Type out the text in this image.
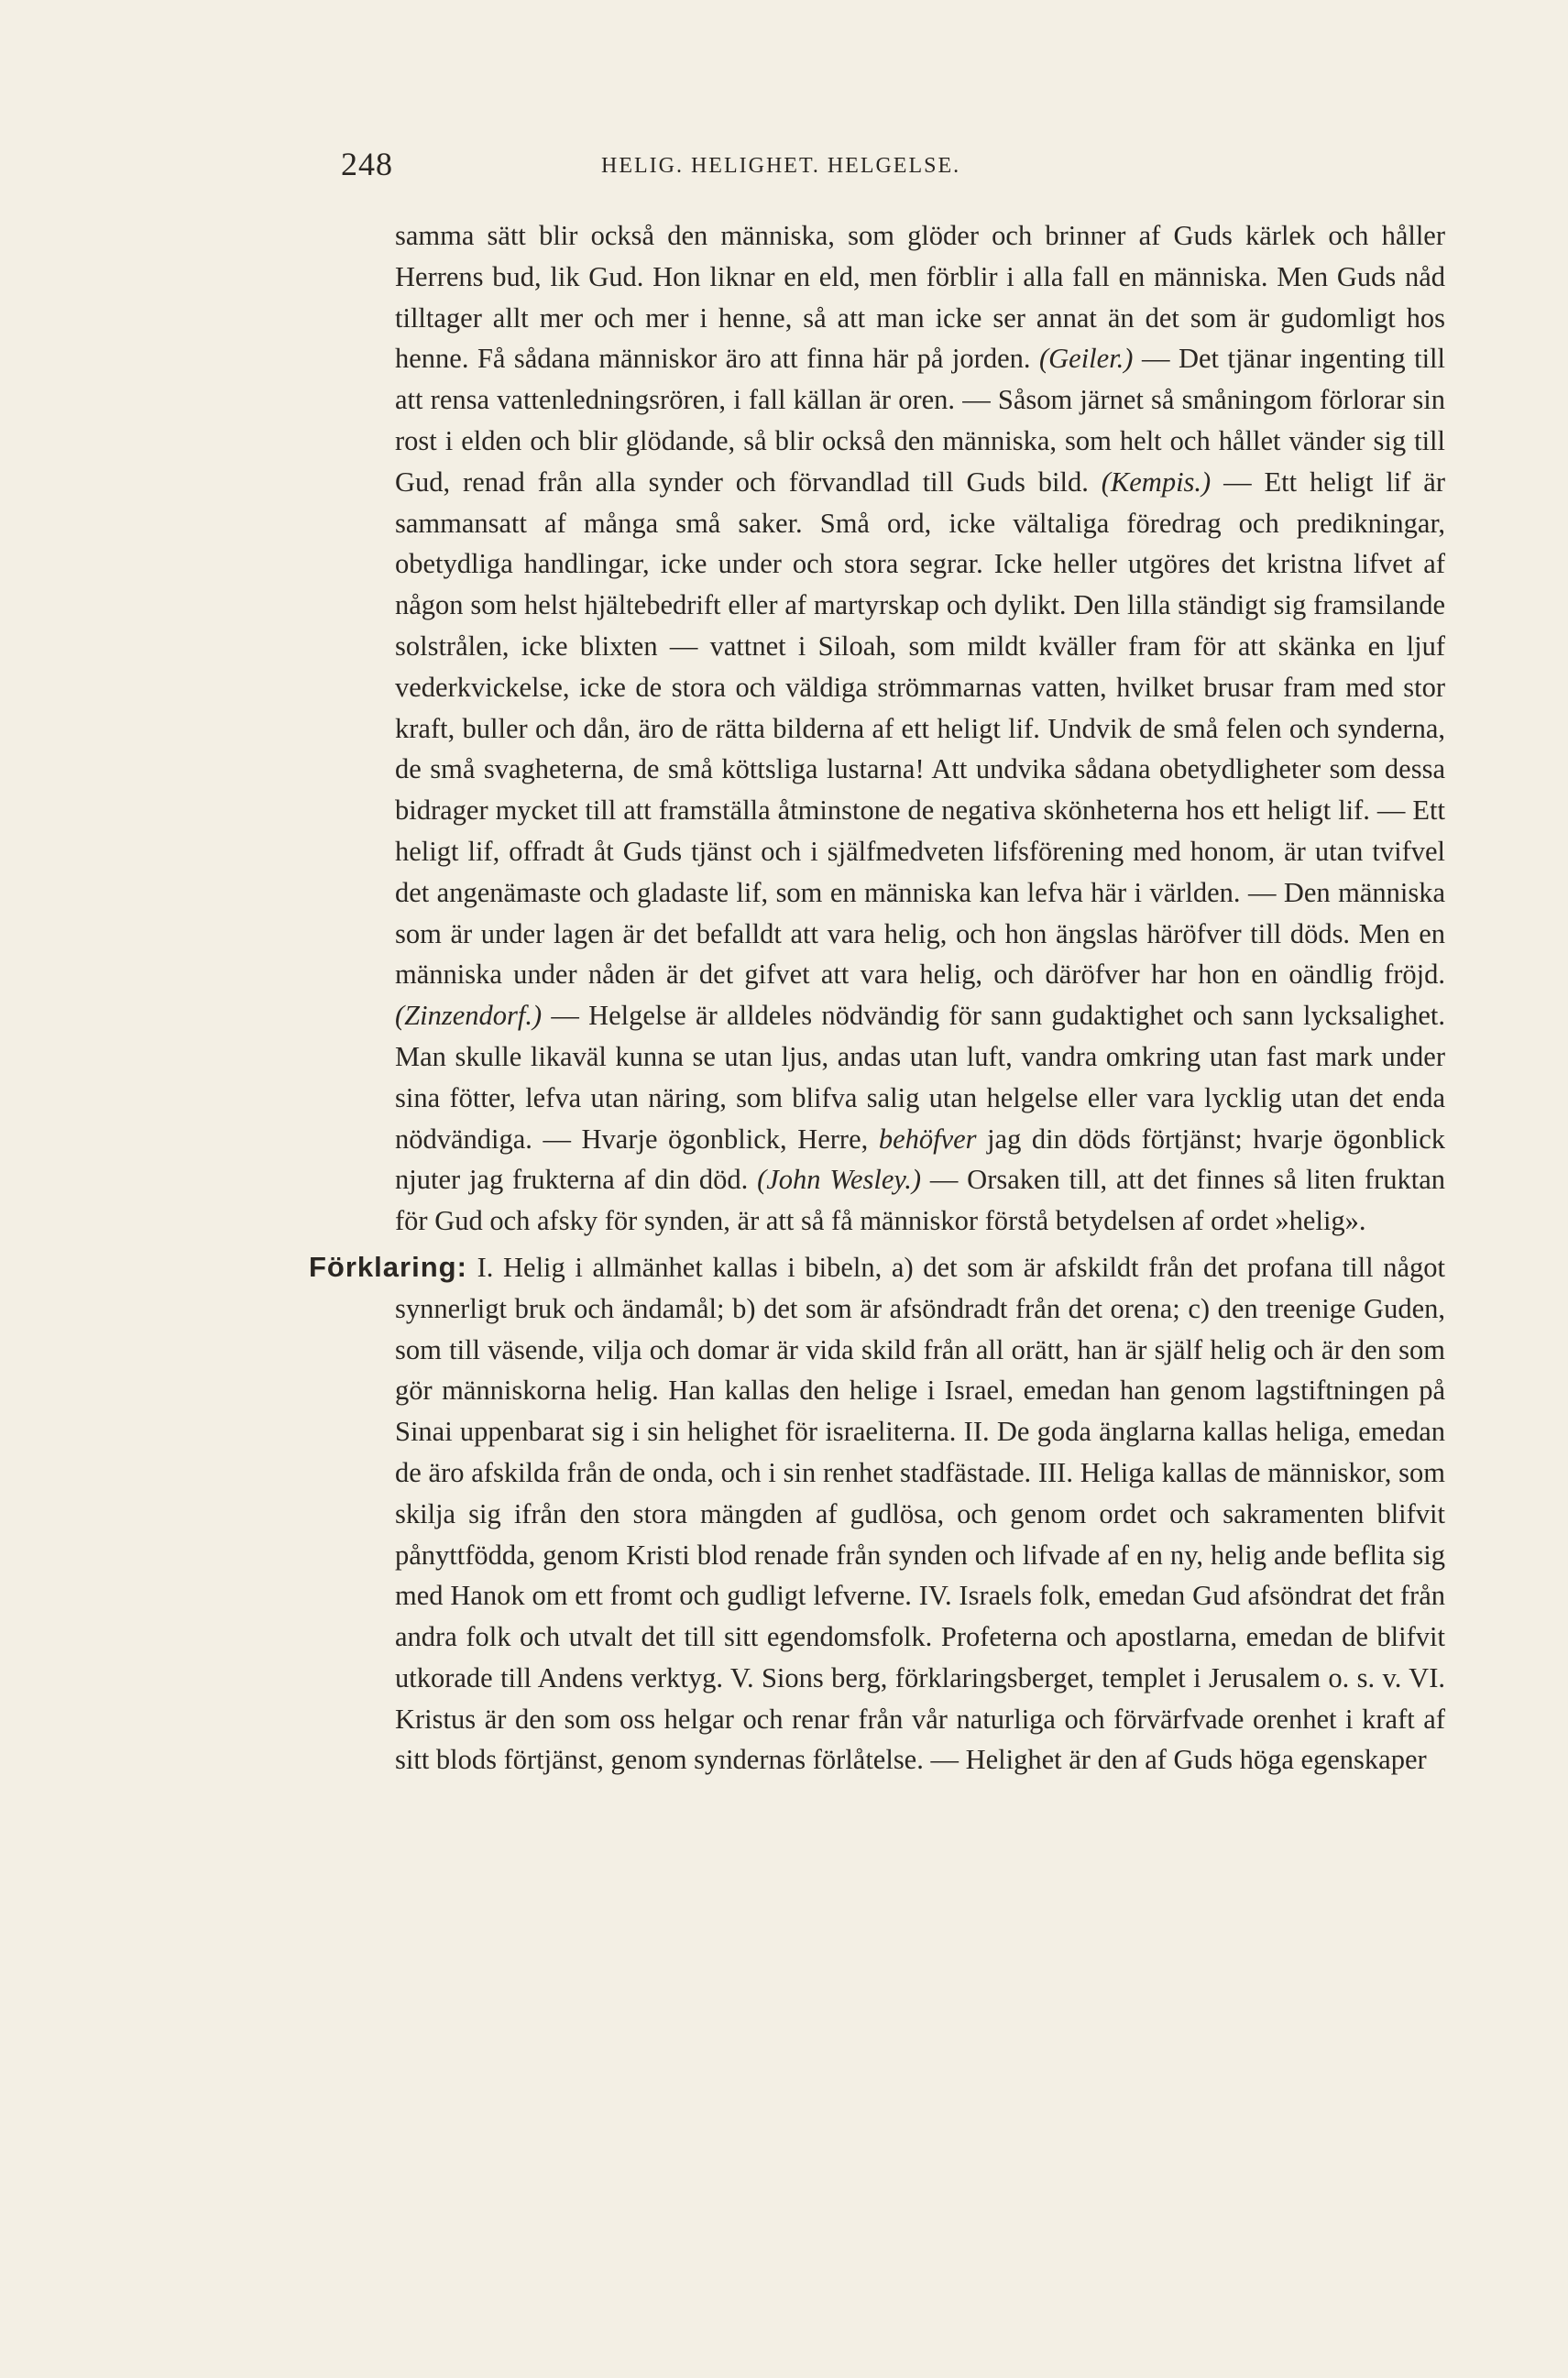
248	HELIG. HELIGHET. HELGELSE.

samma sätt blir också den människa, som glöder och brinner af Guds kärlek och håller Herrens bud, lik Gud. Hon liknar en eld, men förblir i alla fall en människa. Men Guds nåd tilltager allt mer och mer i henne, så att man icke ser annat än det som är gudomligt hos henne. Få sådana människor äro att finna här på jorden. (Geiler.) — Det tjänar ingenting till att rensa vattenledningsrören, i fall källan är oren. — Såsom järnet så småningom förlorar sin rost i elden och blir glödande, så blir också den människa, som helt och hållet vänder sig till Gud, renad från alla synder och förvandlad till Guds bild. (Kempis.) — Ett heligt lif är sammansatt af många små saker. Små ord, icke vältaliga föredrag och predikningar, obetydliga handlingar, icke under och stora segrar. Icke heller utgöres det kristna lifvet af någon som helst hjältebedrift eller af martyrskap och dylikt. Den lilla ständigt sig framsilande solstrålen, icke blixten — vattnet i Siloah, som mildt kväller fram för att skänka en ljuf vederkvickelse, icke de stora och väldiga strömmarnas vatten, hvilket brusar fram med stor kraft, buller och dån, äro de rätta bilderna af ett heligt lif. Undvik de små felen och synderna, de små svagheterna, de små köttsliga lustarna! Att undvika sådana obetydligheter som dessa bidrager mycket till att framställa åtminstone de negativa skönheterna hos ett heligt lif. — Ett heligt lif, offradt åt Guds tjänst och i själfmedveten lifsförening med honom, är utan tvifvel det angenämaste och gladaste lif, som en människa kan lefva här i världen. — Den människa som är under lagen är det befalldt att vara helig, och hon ängslas häröfver till döds. Men en människa under nåden är det gifvet att vara helig, och däröfver har hon en oändlig fröjd. (Zinzendorf.) — Helgelse är alldeles nödvändig för sann gudaktighet och sann lycksalighet. Man skulle likaväl kunna se utan ljus, andas utan luft, vandra omkring utan fast mark under sina fötter, lefva utan näring, som blifva salig utan helgelse eller vara lycklig utan det enda nödvändiga. — Hvarje ögonblick, Herre, behöfver jag din döds förtjänst; hvarje ögonblick njuter jag frukterna af din död. (John Wesley.) — Orsaken till, att det finnes så liten fruktan för Gud och afsky för synden, är att så få människor förstå betydelsen af ordet »helig».

Förklaring: I. Helig i allmänhet kallas i bibeln, a) det som är afskildt från det profana till något synnerligt bruk och ändamål; b) det som är afsöndradt från det orena; c) den treenige Guden, som till väsende, vilja och domar är vida skild från all orätt, han är själf helig och är den som gör människorna helig. Han kallas den helige i Israel, emedan han genom lagstiftningen på Sinai uppenbarat sig i sin helighet för israeliterna. II. De goda änglarna kallas heliga, emedan de äro afskilda från de onda, och i sin renhet stadfästade. III. Heliga kallas de människor, som skilja sig ifrån den stora mängden af gudlösa, och genom ordet och sakramenten blifvit pånyttfödda, genom Kristi blod renade från synden och lifvade af en ny, helig ande beflita sig med Hanok om ett fromt och gudligt lefverne. IV. Israels folk, emedan Gud afsöndrat det från andra folk och utvalt det till sitt egendomsfolk. Profeterna och apostlarna, emedan de blifvit utkorade till Andens verktyg. V. Sions berg, förklaringsberget, templet i Jerusalem o. s. v. VI. Kristus är den som oss helgar och renar från vår naturliga och förvärfvade orenhet i kraft af sitt blods förtjänst, genom syndernas förlåtelse. — Helighet är den af Guds höga egenskaper
